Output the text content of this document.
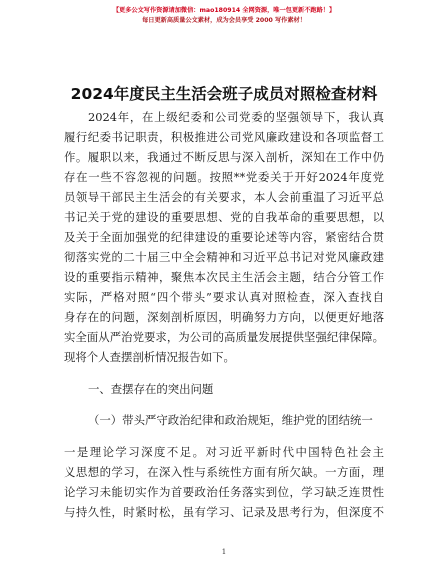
【更多公文写作资源请加微信：mao180914 全网资源，唯一包更新不跑路！】
每日更新高质量公文素材，成为会员享受 2000 写作素材！
2024年度民主生活会班子成员对照检查材料
2024年，在上级纪委和公司党委的坚强领导下，我认真
履行纪委书记职责，积极推进公司党风廉政建设和各项监督工
作。履职以来，我通过不断反思与深入剖析，深知在工作中仍
存在一些不容忽视的问题。按照**党委关于开好2024年度党
员领导干部民主生活会的有关要求，本人会前重温了习近平总
书记关于党的建设的重要思想、党的自我革命的重要思想，以
及关于全面加强党的纪律建设的重要论述等内容，紧密结合贯
彻落实党的二十届三中全会精神和习近平总书记对党风廉政建
设的重要指示精神，聚焦本次民主生活会主题，结合分管工作
实际，严格对照“四个带头”要求认真对照检查，深入查找自
身存在的问题，深刻剖析原因，明确努力方向，以便更好地落
实全面从严治党要求，为公司的高质量发展提供坚强纪律保障。
现将个人查摆剖析情况报告如下。
一、查摆存在的突出问题
（一）带头严守政治纪律和政治规矩，维护党的团结统一
一是理论学习深度不足。对习近平新时代中国特色社会主
义思想的学习，在深入性与系统性方面有所欠缺。一方面，理
论学习未能切实作为首要政治任务落实到位，学习缺乏连贯性
与持久性，时紧时松，虽有学习、记录及思考行为，但深度不
1
